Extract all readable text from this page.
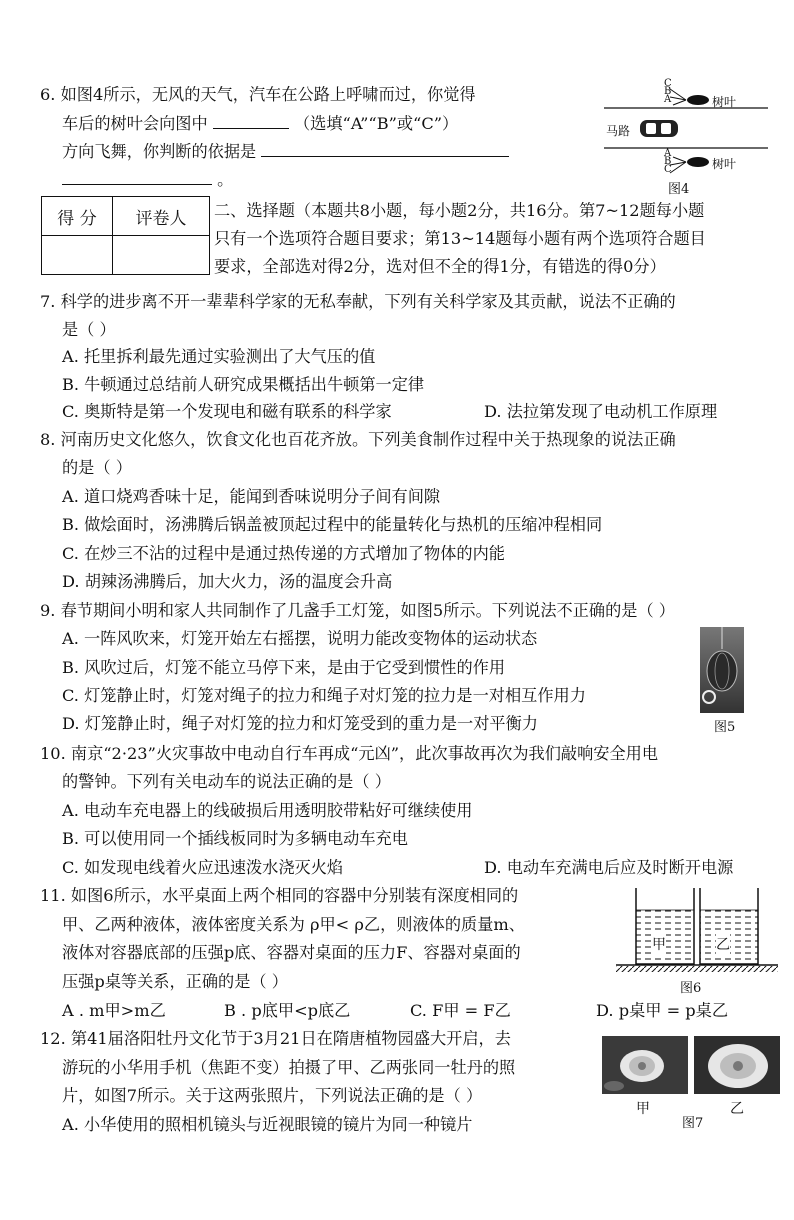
6. 如图4所示，无风的天气，汽车在公路上呼啸而过，你觉得
车后的树叶会向图中	（选填“A”“B”或“C”）
方向飞舞，你判断的依据是
。
C
B
A
A
B
C
树叶
树叶
马路
图4
得 分	评卷人
	二、选择题（本题共8小题，每小题2分，共16分。第7~12题每小题
只有一个选项符合题目要求；第13~14题每小题有两个选项符合题目
要求，全部选对得2分，选对但不全的得1分，有错选的得0分）
7. 科学的进步离不开一辈辈科学家的无私奉献，下列有关科学家及其贡献，说法不正确的
是（ ）
A. 托里拆利最先通过实验测出了大气压的值
B. 牛顿通过总结前人研究成果概括出牛顿第一定律
C. 奥斯特是第一个发现电和磁有联系的科学家	D. 法拉第发现了电动机工作原理
8. 河南历史文化悠久，饮食文化也百花齐放。下列美食制作过程中关于热现象的说法正确
的是（ ）
A. 道口烧鸡香味十足，能闻到香味说明分子间有间隙
B. 做烩面时，汤沸腾后锅盖被顶起过程中的能量转化与热机的压缩冲程相同
C. 在炒三不沾的过程中是通过热传递的方式增加了物体的内能
D. 胡辣汤沸腾后，加大火力，汤的温度会升高
9. 春节期间小明和家人共同制作了几盏手工灯笼，如图5所示。下列说法不正确的是（ ）
A. 一阵风吹来，灯笼开始左右摇摆，说明力能改变物体的运动状态
B. 风吹过后，灯笼不能立马停下来，是由于它受到惯性的作用
C. 灯笼静止时，灯笼对绳子的拉力和绳子对灯笼的拉力是一对相互作用力
D. 灯笼静止时，绳子对灯笼的拉力和灯笼受到的重力是一对平衡力	图5
10. 南京“2·23”火灾事故中电动自行车再成“元凶”，此次事故再次为我们敲响安全用电
的警钟。下列有关电动车的说法正确的是（ ）
A. 电动车充电器上的线破损后用透明胶带粘好可继续使用
B. 可以使用同一个插线板同时为多辆电动车充电
C. 如发现电线着火应迅速泼水浇灭火焰	D. 电动车充满电后应及时断开电源
11. 如图6所示，水平桌面上两个相同的容器中分别装有深度相同的
甲、乙两种液体，液体密度关系为 ρ甲< ρ乙，则液体的质量m、
液体对容器底部的压强p底、容器对桌面的压力F、容器对桌面的
压强p桌等关系，正确的是（ ）
A . m甲>m乙	B . p底甲<p底乙	C. F甲 = F乙	D. p桌甲 = p桌乙
甲	乙
图6
12. 第41届洛阳牡丹文化节于3月21日在隋唐植物园盛大开启，去
游玩的小华用手机（焦距不变）拍摄了甲、乙两张同一牡丹的照
片，如图7所示。关于这两张照片，下列说法正确的是（ ）
A. 小华使用的照相机镜头与近视眼镜的镜片为同一种镜片
甲	乙
图7
